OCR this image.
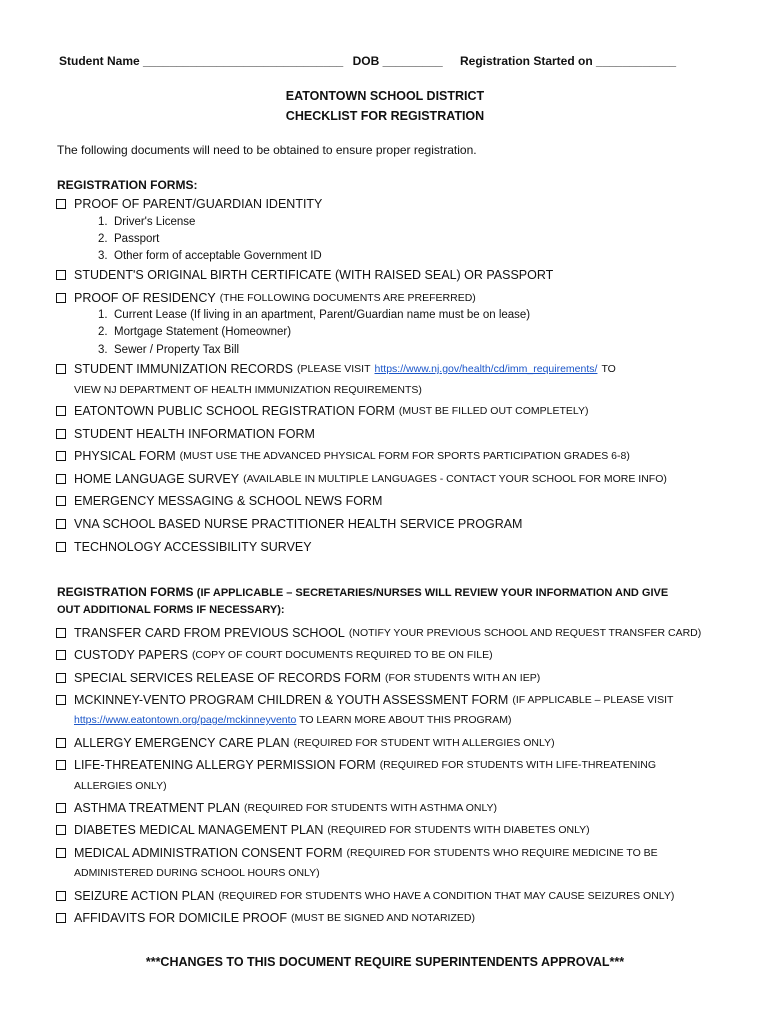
Student Name ______________________________ DOB _________ Registration Started on ____________
EATONTOWN SCHOOL DISTRICT
CHECKLIST FOR REGISTRATION
The following documents will need to be obtained to ensure proper registration.
REGISTRATION FORMS:
PROOF OF PARENT/GUARDIAN IDENTITY
1. Driver's License
2. Passport
3. Other form of acceptable Government ID
STUDENT'S ORIGINAL BIRTH CERTIFICATE (WITH RAISED SEAL) OR PASSPORT
PROOF OF RESIDENCY (THE FOLLOWING DOCUMENTS ARE PREFERRED)
1. Current Lease (If living in an apartment, Parent/Guardian name must be on lease)
2. Mortgage Statement (Homeowner)
3. Sewer / Property Tax Bill
STUDENT IMMUNIZATION RECORDS (PLEASE VISIT https://www.nj.gov/health/cd/imm_requirements/ TO
VIEW NJ DEPARTMENT OF HEALTH IMMUNIZATION REQUIREMENTS)
EATONTOWN PUBLIC SCHOOL REGISTRATION FORM (MUST BE FILLED OUT COMPLETELY)
STUDENT HEALTH INFORMATION FORM
PHYSICAL FORM (MUST USE THE ADVANCED PHYSICAL FORM FOR SPORTS PARTICIPATION GRADES 6-8)
HOME LANGUAGE SURVEY (AVAILABLE IN MULTIPLE LANGUAGES - CONTACT YOUR SCHOOL FOR MORE INFO)
EMERGENCY MESSAGING & SCHOOL NEWS FORM
VNA SCHOOL BASED NURSE PRACTITIONER HEALTH SERVICE PROGRAM
TECHNOLOGY ACCESSIBILITY SURVEY
REGISTRATION FORMS (IF APPLICABLE – SECRETARIES/NURSES WILL REVIEW YOUR INFORMATION AND GIVE
OUT ADDITIONAL FORMS IF NECESSARY):
TRANSFER CARD FROM PREVIOUS SCHOOL (NOTIFY YOUR PREVIOUS SCHOOL AND REQUEST TRANSFER CARD)
CUSTODY PAPERS (COPY OF COURT DOCUMENTS REQUIRED TO BE ON FILE)
SPECIAL SERVICES RELEASE OF RECORDS FORM (FOR STUDENTS WITH AN IEP)
MCKINNEY-VENTO PROGRAM CHILDREN & YOUTH ASSESSMENT FORM (IF APPLICABLE – PLEASE VISIT
https://www.eatontown.org/page/mckinneyvento TO LEARN MORE ABOUT THIS PROGRAM)
ALLERGY EMERGENCY CARE PLAN (REQUIRED FOR STUDENT WITH ALLERGIES ONLY)
LIFE-THREATENING ALLERGY PERMISSION FORM (REQUIRED FOR STUDENTS WITH LIFE-THREATENING
ALLERGIES ONLY)
ASTHMA TREATMENT PLAN (REQUIRED FOR STUDENTS WITH ASTHMA ONLY)
DIABETES MEDICAL MANAGEMENT PLAN (REQUIRED FOR STUDENTS WITH DIABETES ONLY)
MEDICAL ADMINISTRATION CONSENT FORM (REQUIRED FOR STUDENTS WHO REQUIRE MEDICINE TO BE
ADMINISTERED DURING SCHOOL HOURS ONLY)
SEIZURE ACTION PLAN (REQUIRED FOR STUDENTS WHO HAVE A CONDITION THAT MAY CAUSE SEIZURES ONLY)
AFFIDAVITS FOR DOMICILE PROOF (MUST BE SIGNED AND NOTARIZED)
***CHANGES TO THIS DOCUMENT REQUIRE SUPERINTENDENTS APPROVAL***
